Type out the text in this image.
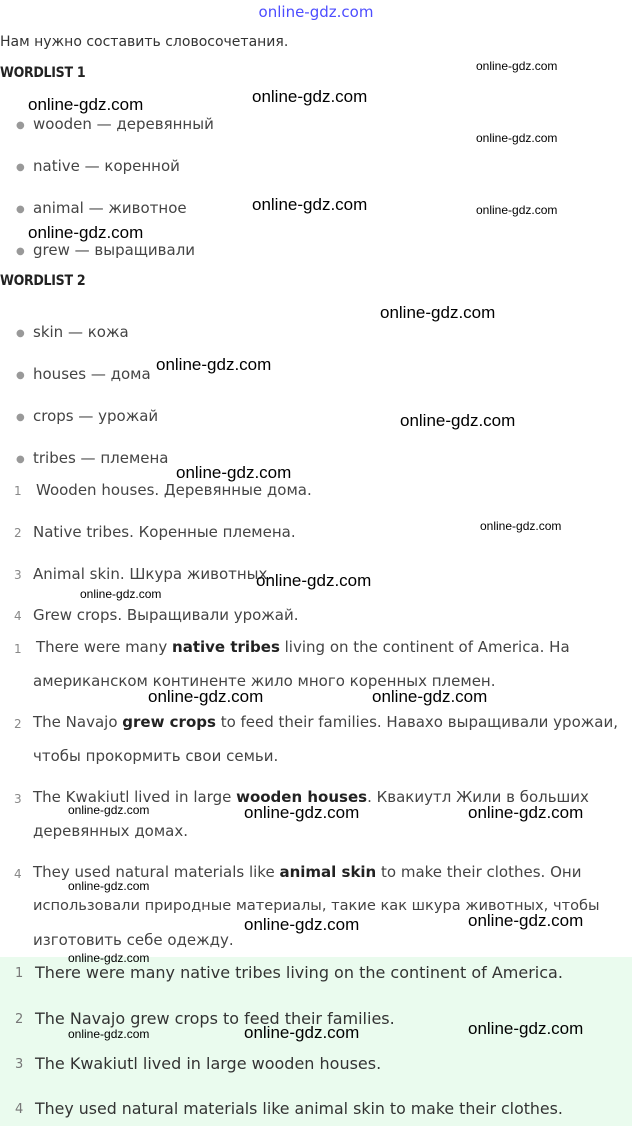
online-gdz.com
Нам нужно составить словосочетания.
WORDLIST 1
● wooden — деревянный
● native — коренной
● animal — животное
● grew — выращивали
WORDLIST 2
● skin — кожа
● houses — дома
● crops — урожай
● tribes — племена
1 Wooden houses. Деревянные дома.
2 Native tribes. Коренные племена.
3 Animal skin. Шкура животных.
4 Grew crops. Выращивали урожай.
1 There were many native tribes living on the continent of America. На
американском континенте жило много коренных племен.
2 The Navajo grew crops to feed their families. Навахо выращивали урожаи,
чтобы прокормить свои семьи.
3 The Kwakiutl lived in large wooden houses. Квакиутл Жили в больших
деревянных домах.
4 They used natural materials like animal skin to make their clothes. Они
использовали природные материалы, такие как шкура животных, чтобы
изготовить себе одежду.
1 There were many native tribes living on the continent of America.
2 The Navajo grew crops to feed their families.
3 The Kwakiutl lived in large wooden houses.
4 They used natural materials like animal skin to make their clothes.
online-gdz.com	online-gdz.com
online-gdz.com
online-gdz.com
online-gdz.com	online-gdz.com
online-gdz.com
online-gdz.com
online-gdz.com
online-gdz.com
online-gdz.com
online-gdz.com
online-gdz.com
online-gdz.com
online-gdz.com	online-gdz.com
online-gdz.com	online-gdz.com	online-gdz.com
online-gdz.com
online-gdz.com	online-gdz.com
online-gdz.com
online-gdz.com	online-gdz.com	online-gdz.com
